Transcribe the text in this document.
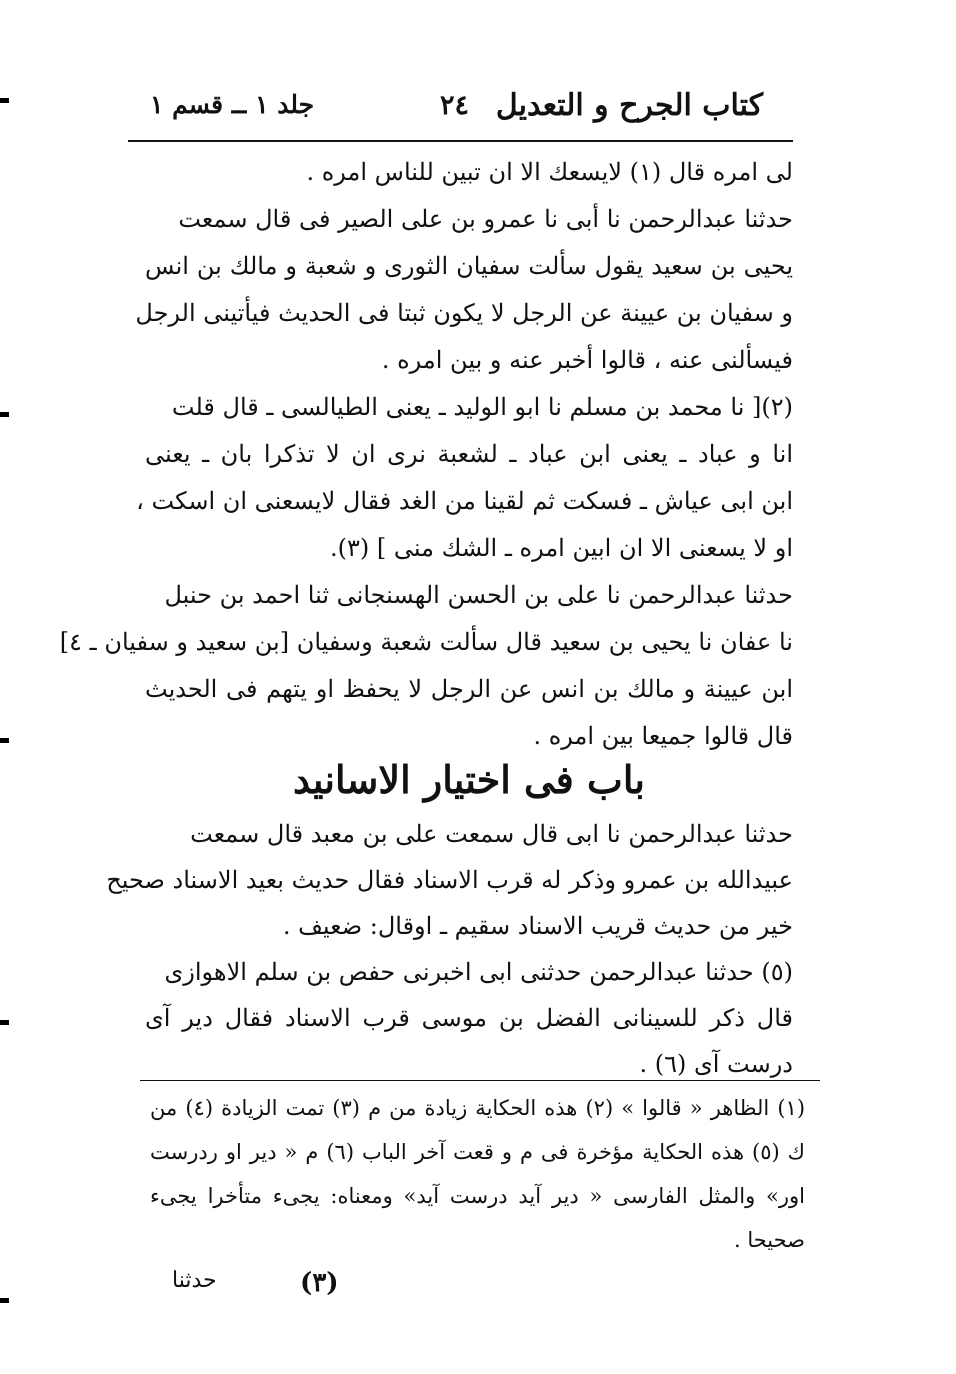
كتاب الجرح و التعديل
٢٤
جلد ١ ــ قسم ١
لى امره قال (١) لايسعك الا ان تبين للناس امره .
حدثنا عبدالرحمن نا أبى نا عمرو بن على الصير فى قال سمعت
يحيى بن سعيد يقول سألت سفيان الثورى و شعبة و مالك بن انس
و سفيان بن عيينة عن الرجل لا يكون ثبتا فى الحديث فيأتينى الرجل
فيسألنى عنه ، قالوا أخبر عنه و بين امره .
(٢)[ نا محمد بن مسلم نا ابو الوليد ـ يعنى الطيالسى ـ قال قلت
انا و عباد ـ يعنى ابن عباد ـ لشعبة نرى ان لا تذكرا بان ـ يعنى
ابن ابى عياش ـ فسكت ثم لقينا من الغد فقال لايسعنى ان اسكت ،
او لا يسعنى الا ان ابين امره ـ الشك منى ] (٣).
حدثنا عبدالرحمن نا على بن الحسن الهسنجانى ثنا احمد بن حنبل
نا عفان نا يحيى بن سعيد قال سألت شعبة وسفيان [بن سعيد و سفيان ـ ٤]
ابن عيينة و مالك بن انس عن الرجل لا يحفظ او يتهم فى الحديث
قال قالوا جميعا بين امره .
باب فى اختيار الاسانيد
حدثنا عبدالرحمن نا ابى قال سمعت على بن معبد قال سمعت
عبيدالله بن عمرو وذكر له قرب الاسناد فقال حديث بعيد الاسناد صحيح
خير من حديث قريب الاسناد سقيم ـ اوقال: ضعيف .
(٥) حدثنا عبدالرحمن حدثنى ابى اخبرنى حفص بن سلم الاهوازى
قال ذكر للسينانى الفضل بن موسى قرب الاسناد فقال دير آى
درست آى (٦) .
(١) الظاهر « قالوا » (٢) هذه الحكاية زيادة من م (٣) تمت الزيادة (٤) من
ك (٥) هذه الحكاية مؤخرة فى م و قعت آخر الباب (٦) م « دير او ردرست
اور» والمثل الفارسى « دير آيد درست آيد» ومعناه: يجىء متأخرا يجىء
صحيحا .
(٣)
حدثنا
